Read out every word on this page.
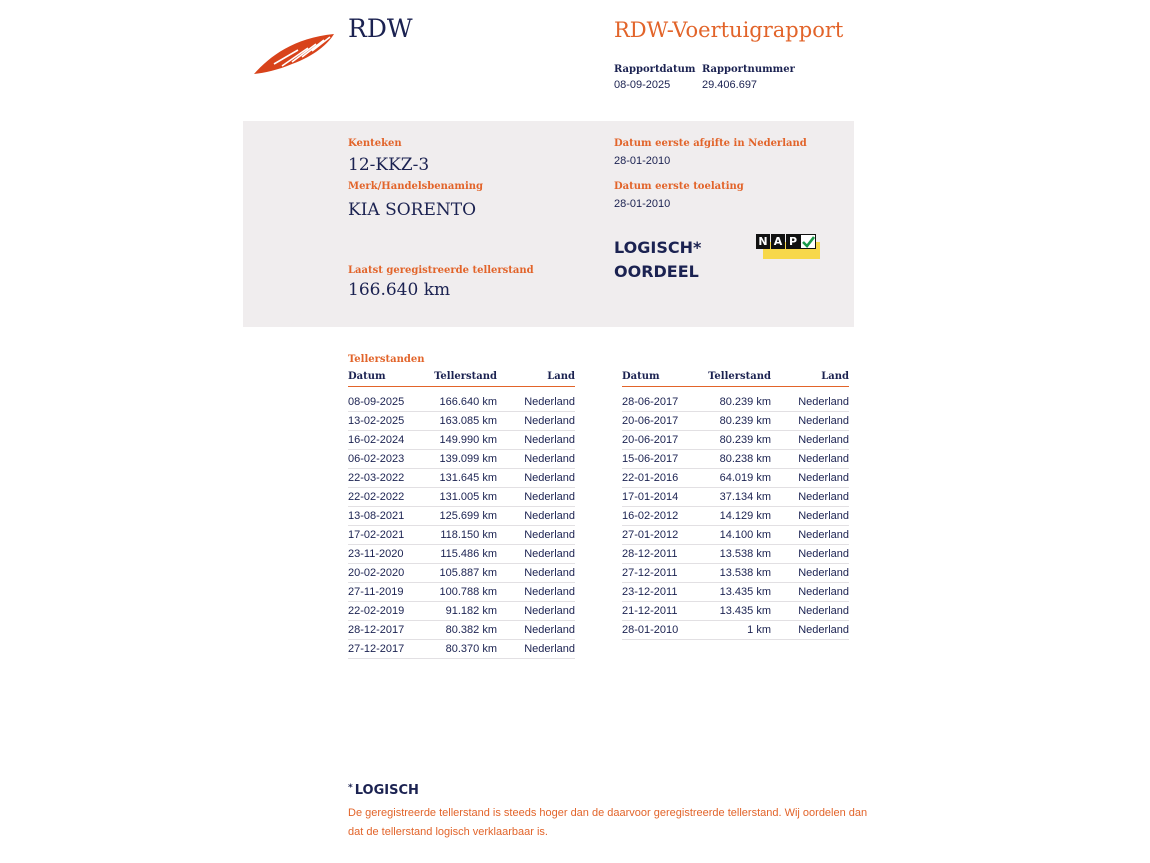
RDW	RDW-Voertuigrapport
Rapportdatum
08-09-2025
Rapportnummer
29.406.697
Kenteken
12-KKZ-3
Merk/Handelsbenaming
KIA SORENTO
Laatst geregistreerde tellerstand
166.640 km
Datum eerste afgifte in Nederland
28-01-2010
Datum eerste toelating
28-01-2010
LOGISCH*
OORDEEL
N A P
Tellerstanden
Datum	Tellerstand	Land
08-09-2025	166.640 km Nederland
13-02-2025	163.085 km Nederland
16-02-2024	149.990 km Nederland
06-02-2023	139.099 km Nederland
22-03-2022	131.645 km Nederland
22-02-2022	131.005 km Nederland
13-08-2021	125.699 km Nederland
17-02-2021	118.150 km Nederland
23-11-2020	115.486 km Nederland
20-02-2020	105.887 km Nederland
27-11-2019	100.788 km Nederland
22-02-2019	91.182 km Nederland
28-12-2017	80.382 km Nederland
27-12-2017	80.370 km Nederland
Datum	Tellerstand	Land
28-06-2017	80.239 km Nederland
20-06-2017	80.239 km Nederland
20-06-2017	80.239 km Nederland
15-06-2017	80.238 km Nederland
22-01-2016	64.019 km Nederland
17-01-2014	37.134 km Nederland
16-02-2012	14.129 km Nederland
27-01-2012	14.100 km Nederland
28-12-2011	13.538 km Nederland
27-12-2011	13.538 km Nederland
23-12-2011	13.435 km Nederland
21-12-2011	13.435 km Nederland
28-01-2010	1 km Nederland
* LOGISCH
De geregistreerde tellerstand is steeds hoger dan de daarvoor geregistreerde tellerstand. Wij oordelen dan dat de tellerstand logisch verklaarbaar is.
